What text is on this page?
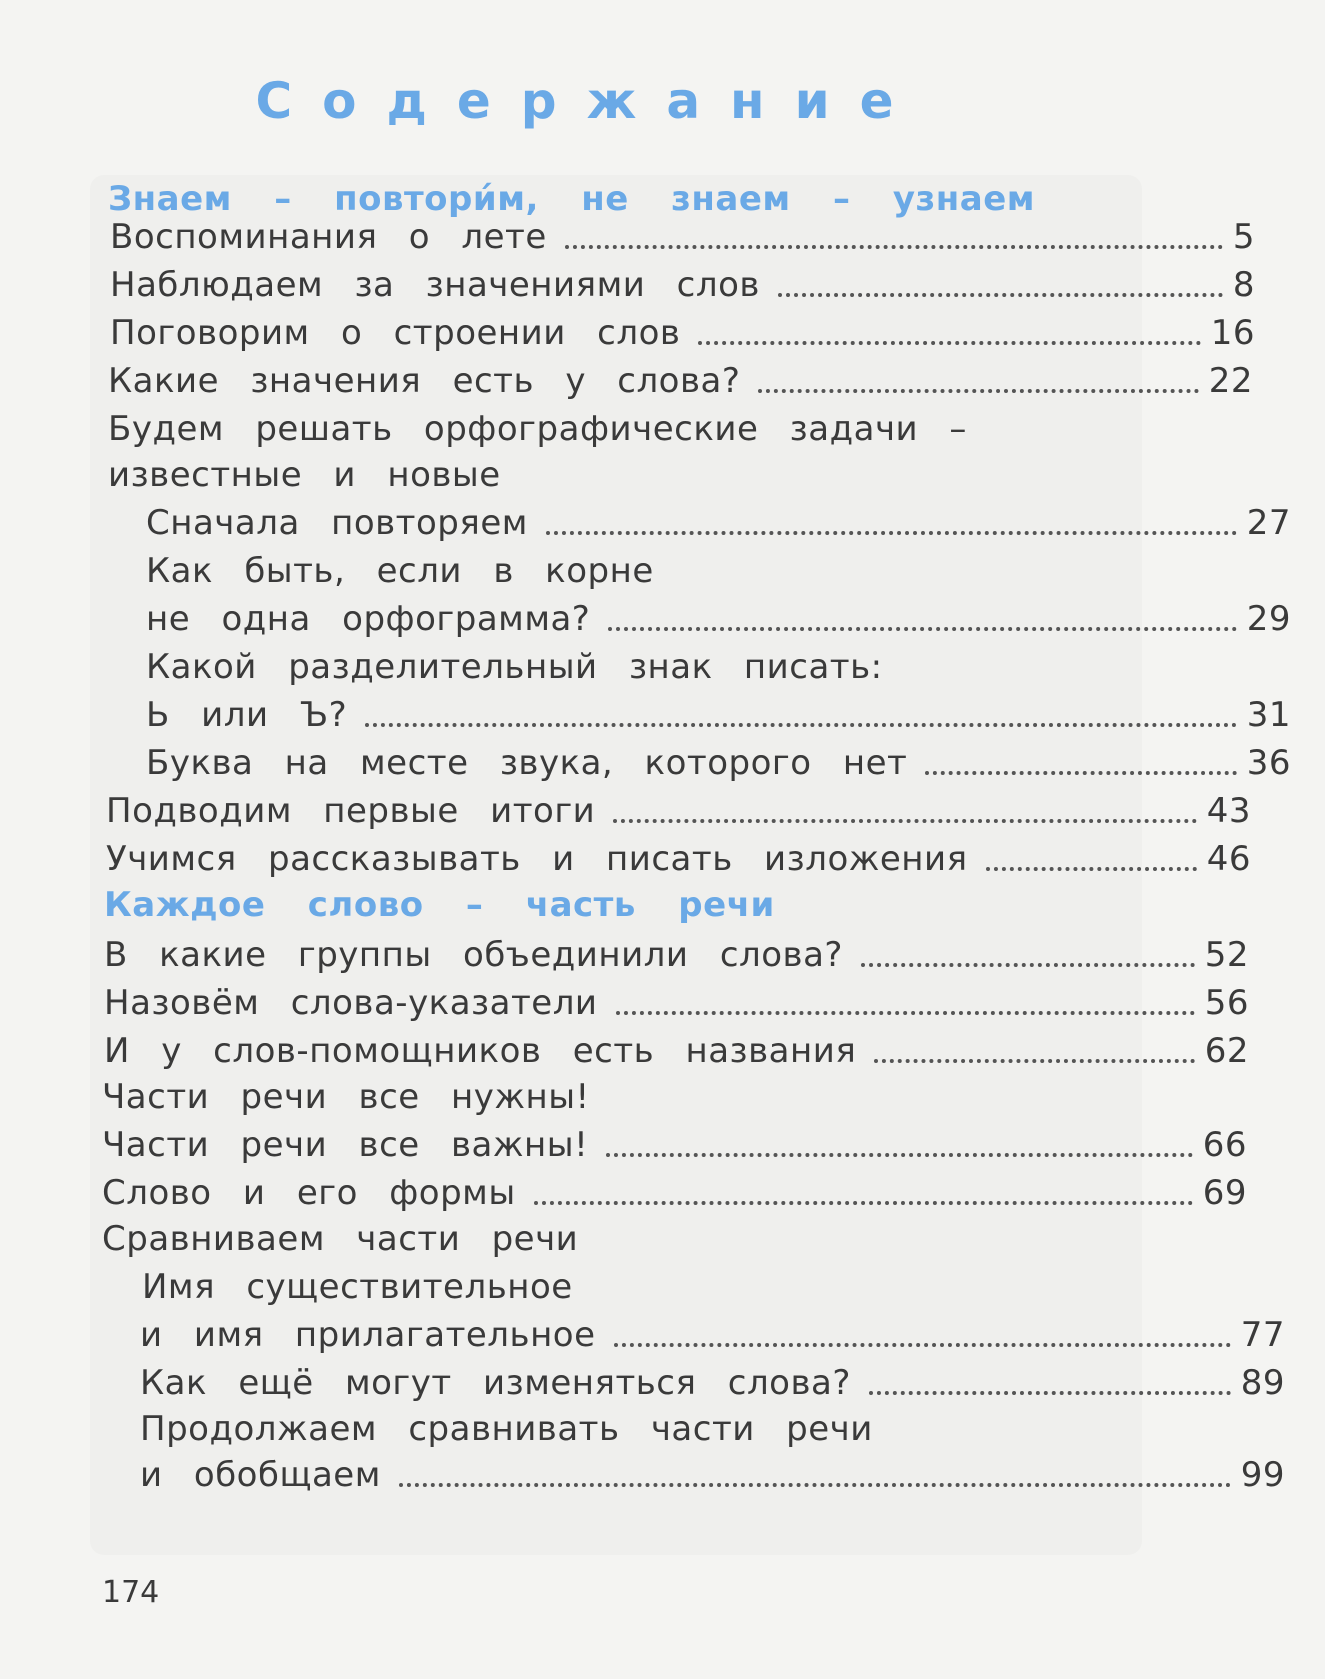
Содержание
Знаем – повтори́м, не знаем – узнаем
Воспоминания о лете	5
Наблюдаем за значениями слов	8
Поговорим о строении слов	16
Какие значения есть у слова?	22
Будем решать орфографические задачи –
известные и новые
Сначала повторяем	27
Как быть, если в корне
не одна орфограмма?	29
Какой разделительный знак писать:
Ь или Ъ?	31
Буква на месте звука, которого нет	36
Подводим первые итоги	43
Учимся рассказывать и писать изложения	46
Каждое слово – часть речи
В какие группы объединили слова?	52
Назовём слова-указатели	56
И у слов-помощников есть названия	62
Части речи все нужны!
Части речи все важны!	66
Слово и его формы	69
Сравниваем части речи
Имя существительное
и имя прилагательное	77
Как ещё могут изменяться слова?	89
Продолжаем сравнивать части речи
и обобщаем	99
174
